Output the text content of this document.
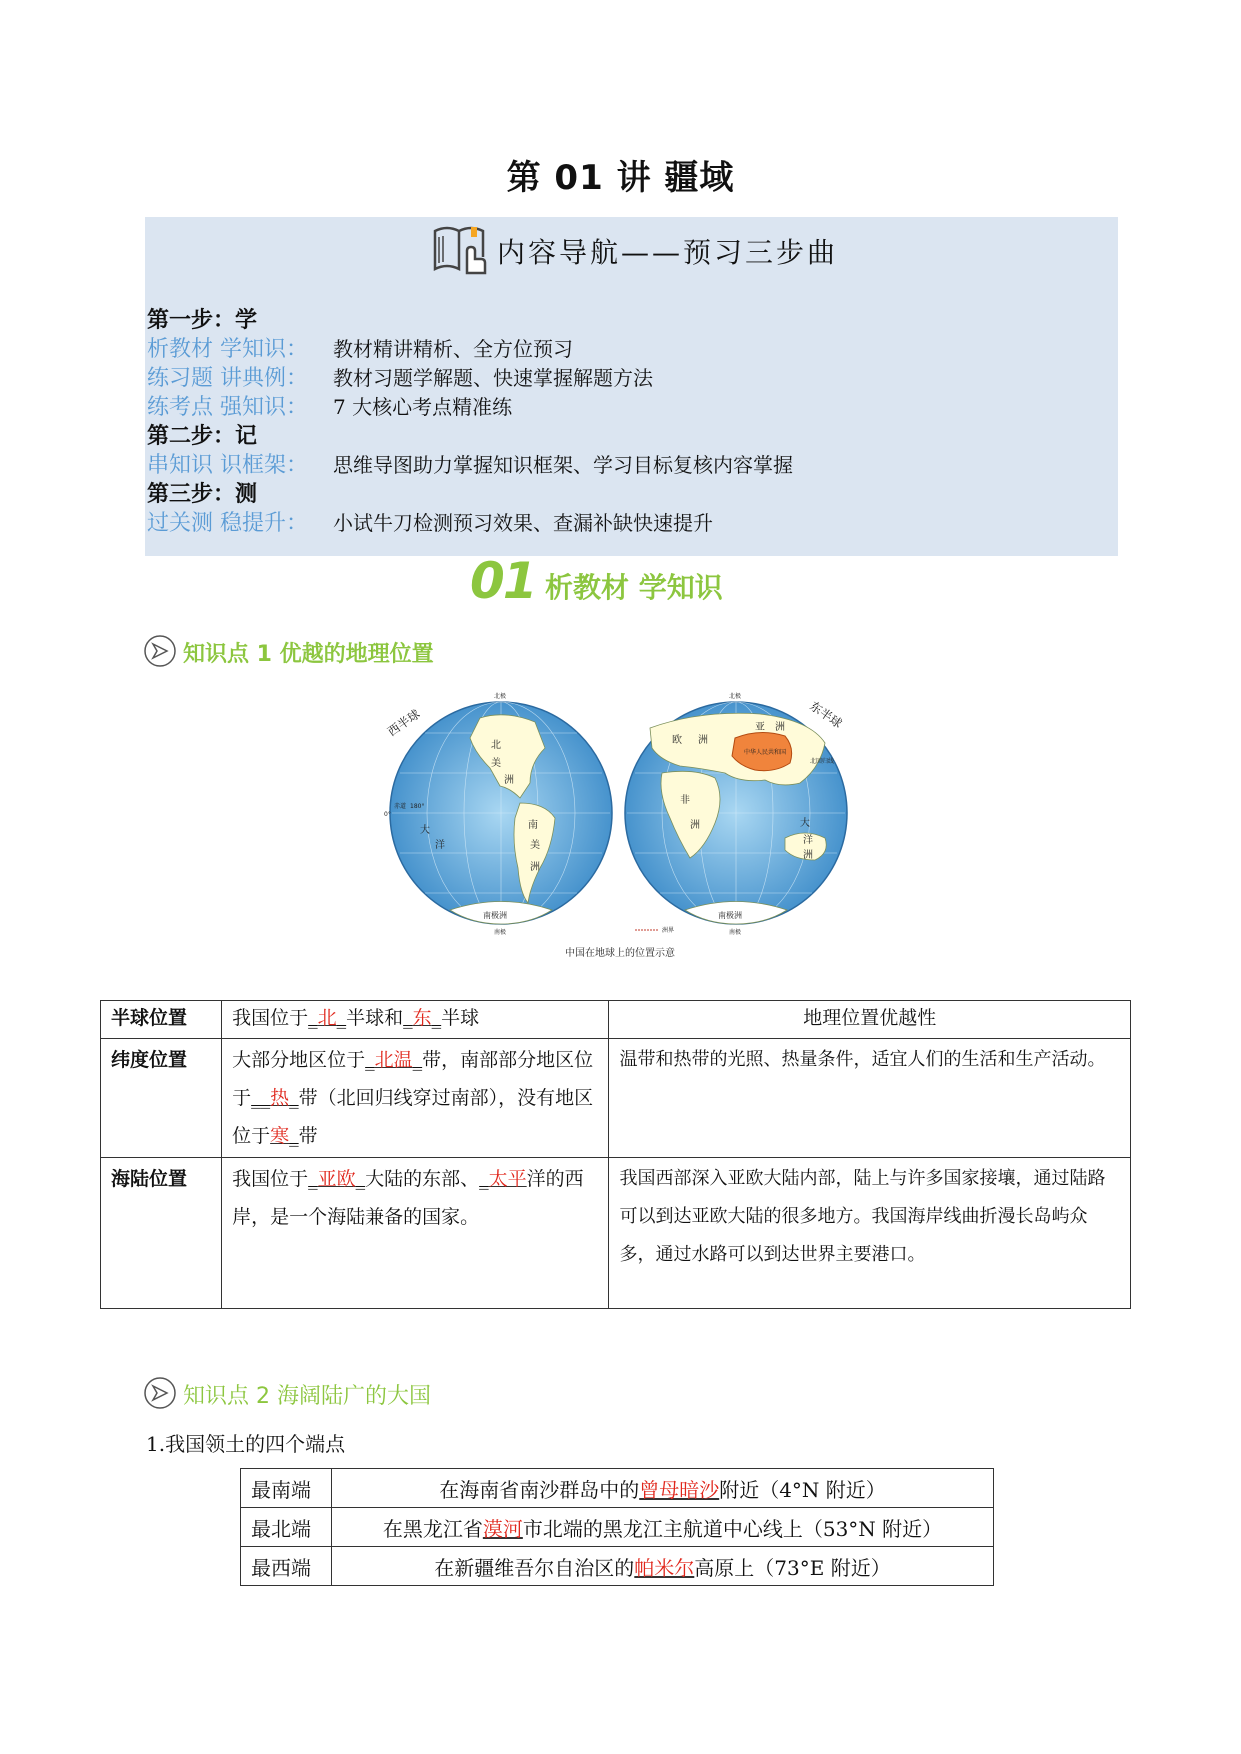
第 01 讲 疆域
内容导航——预习三步曲
第一步：学
析教材 学知识： 教材精讲精析、全方位预习
练习题 讲典例： 教材习题学解题、快速掌握解题方法
练考点 强知识： 7 大核心考点精准练
第二步：记
串知识 识框架： 思维导图助力掌握知识框架、学习目标复核内容掌握
第三步：测
过关测 稳提升： 小试牛刀检测预习效果、查漏补缺快速提升
01 析教材 学知识
知识点 1 优越的地理位置
北
美
洲
南
美
洲
大
洋
南极洲
北极
南极
赤道 180°
0°
西半球
欧 洲
非
洲
亚 洲
大
洋
洲
南极洲
中华人民共和国
北回归线
北极
南极
洲界
东半球
中国在地球上的位置示意
半球位置	我国位于_北_半球和_东_半球	地理位置优越性
纬度位置	大部分地区位于_北温_带，南部部分地区位于__热_带（北回归线穿过南部），没有地区位于寒_带	温带和热带的光照、热量条件，适宜人们的生活和生产活动。
海陆位置	我国位于_亚欧_大陆的东部、_太平洋的西岸，是一个海陆兼备的国家。	我国西部深入亚欧大陆内部，陆上与许多国家接壤，通过陆路可以到达亚欧大陆的很多地方。我国海岸线曲折漫长岛屿众多，通过水路可以到达世界主要港口。
知识点 2 海阔陆广的大国
1.我国领土的四个端点
最南端	在海南省南沙群岛中的曾母暗沙附近（4°N 附近）
最北端	在黑龙江省漠河市北端的黑龙江主航道中心线上（53°N 附近）
最西端	在新疆维吾尔自治区的帕米尔高原上（73°E 附近）
